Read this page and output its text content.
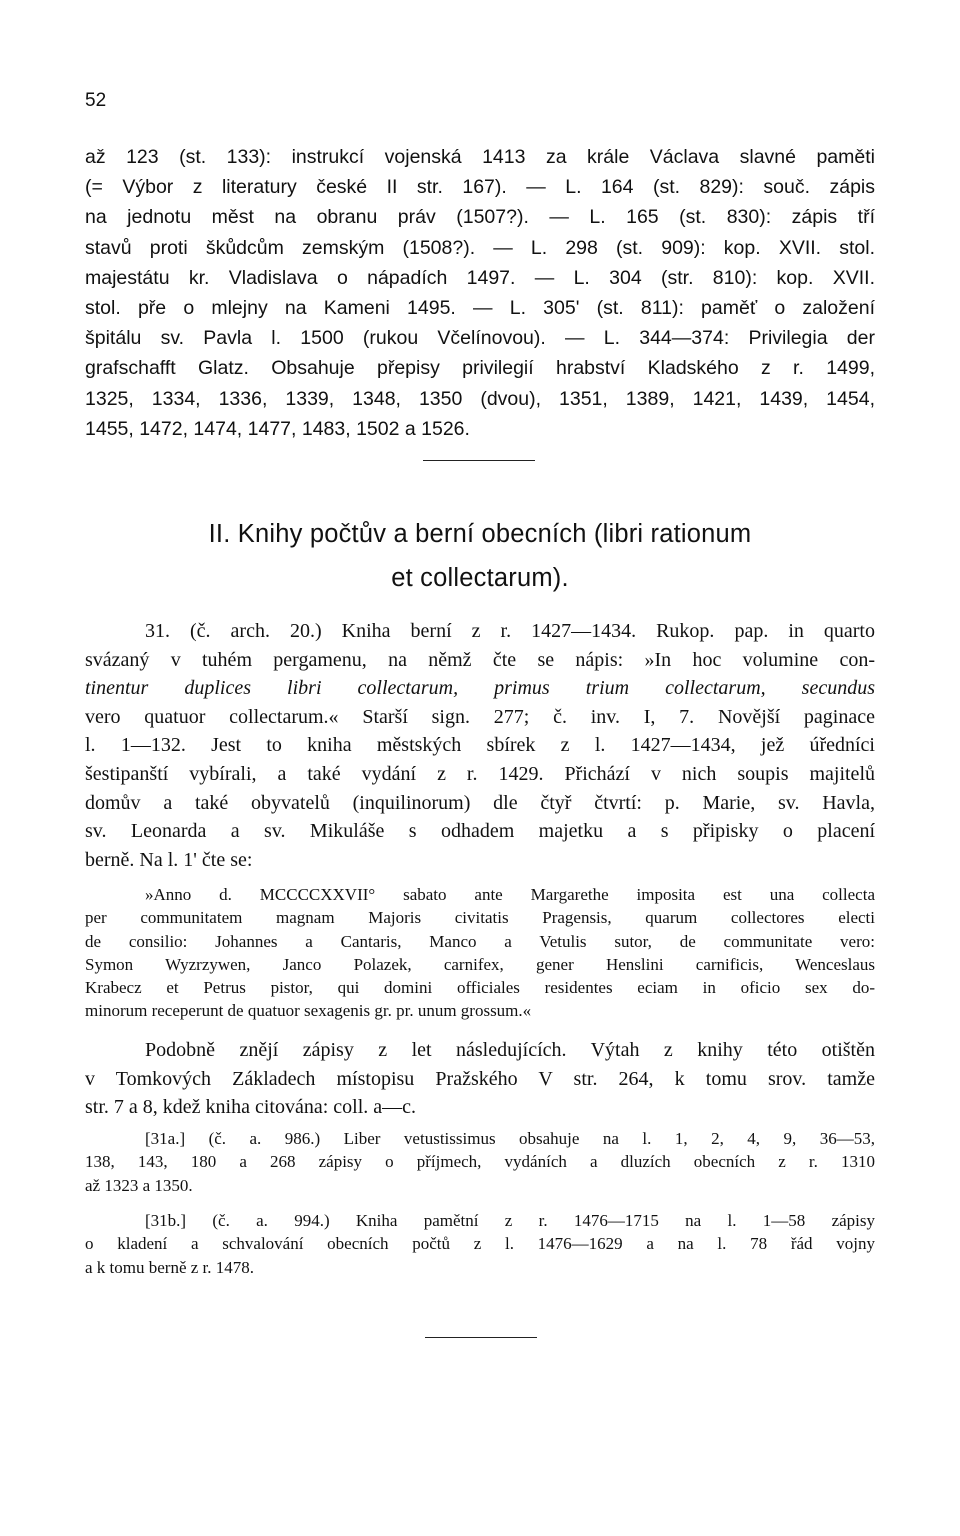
52
až 123 (st. 133): instrukcí vojenská 1413 za krále Václava slavné paměti
(= Výbor z literatury české II str. 167). — L. 164 (st. 829): souč. zápis
na jednotu měst na obranu práv (1507?). — L. 165 (st. 830): zápis tří
stavů proti škůdcům zemským (1508?). — L. 298 (st. 909): kop. XVII. stol.
majestátu kr. Vladislava o nápadích 1497. — L. 304 (str. 810): kop. XVII.
stol. pře o mlejny na Kameni 1495. — L. 305' (st. 811): paměť o založení
špitálu sv. Pavla l. 1500 (rukou Včelínovou). — L. 344—374: Privilegia der
grafschafft Glatz. Obsahuje přepisy privilegií hrabství Kladského z r. 1499,
1325, 1334, 1336, 1339, 1348, 1350 (dvou), 1351, 1389, 1421, 1439, 1454,
1455, 1472, 1474, 1477, 1483, 1502 a 1526.
II. Knihy počtův a berní obecních (libri rationum
et collectarum).
31. (č. arch. 20.) Kniha berní z r. 1427—1434. Rukop. pap. in quarto
svázaný v tuhém pergamenu, na němž čte se nápis: »In hoc volumine con-
tinentur duplices libri collectarum, primus trium collectarum, secundus
vero quatuor collectarum.« Starší sign. 277; č. inv. I, 7. Novější paginace
l. 1—132. Jest to kniha městských sbírek z l. 1427—1434, jež úředníci
šestipanští vybírali, a také vydání z r. 1429. Přichází v nich soupis majitelů
domův a také obyvatelů (inquilinorum) dle čtyř čtvrtí: p. Marie, sv. Havla,
sv. Leonarda a sv. Mikuláše s odhadem majetku a s připisky o placení
berně. Na l. 1' čte se:
»Anno d. MCCCCXXVII° sabato ante Margarethe imposita est una collecta
per communitatem magnam Majoris civitatis Pragensis, quarum collectores electi
de consilio: Johannes a Cantaris, Manco a Vetulis sutor, de communitate vero:
Symon Wyzrzywen, Janco Polazek, carnifex, gener Henslini carnificis, Wenceslaus
Krabecz et Petrus pistor, qui domini officiales residentes eciam in oficio sex do-
minorum receperunt de quatuor sexagenis gr. pr. unum grossum.«
Podobně znějí zápisy z let následujících. Výtah z knihy této otištěn
v Tomkových Základech místopisu Pražského V str. 264, k tomu srov. tamže
str. 7 a 8, kdež kniha citována: coll. a—c.
[31a.] (č. a. 986.) Liber vetustissimus obsahuje na l. 1, 2, 4, 9, 36—53,
138, 143, 180 a 268 zápisy o příjmech, vydáních a dluzích obecních z r. 1310
až 1323 a 1350.
[31b.] (č. a. 994.) Kniha pamětní z r. 1476—1715 na l. 1—58 zápisy
o kladení a schvalování obecních počtů z l. 1476—1629 a na l. 78 řád vojny
a k tomu berně z r. 1478.
